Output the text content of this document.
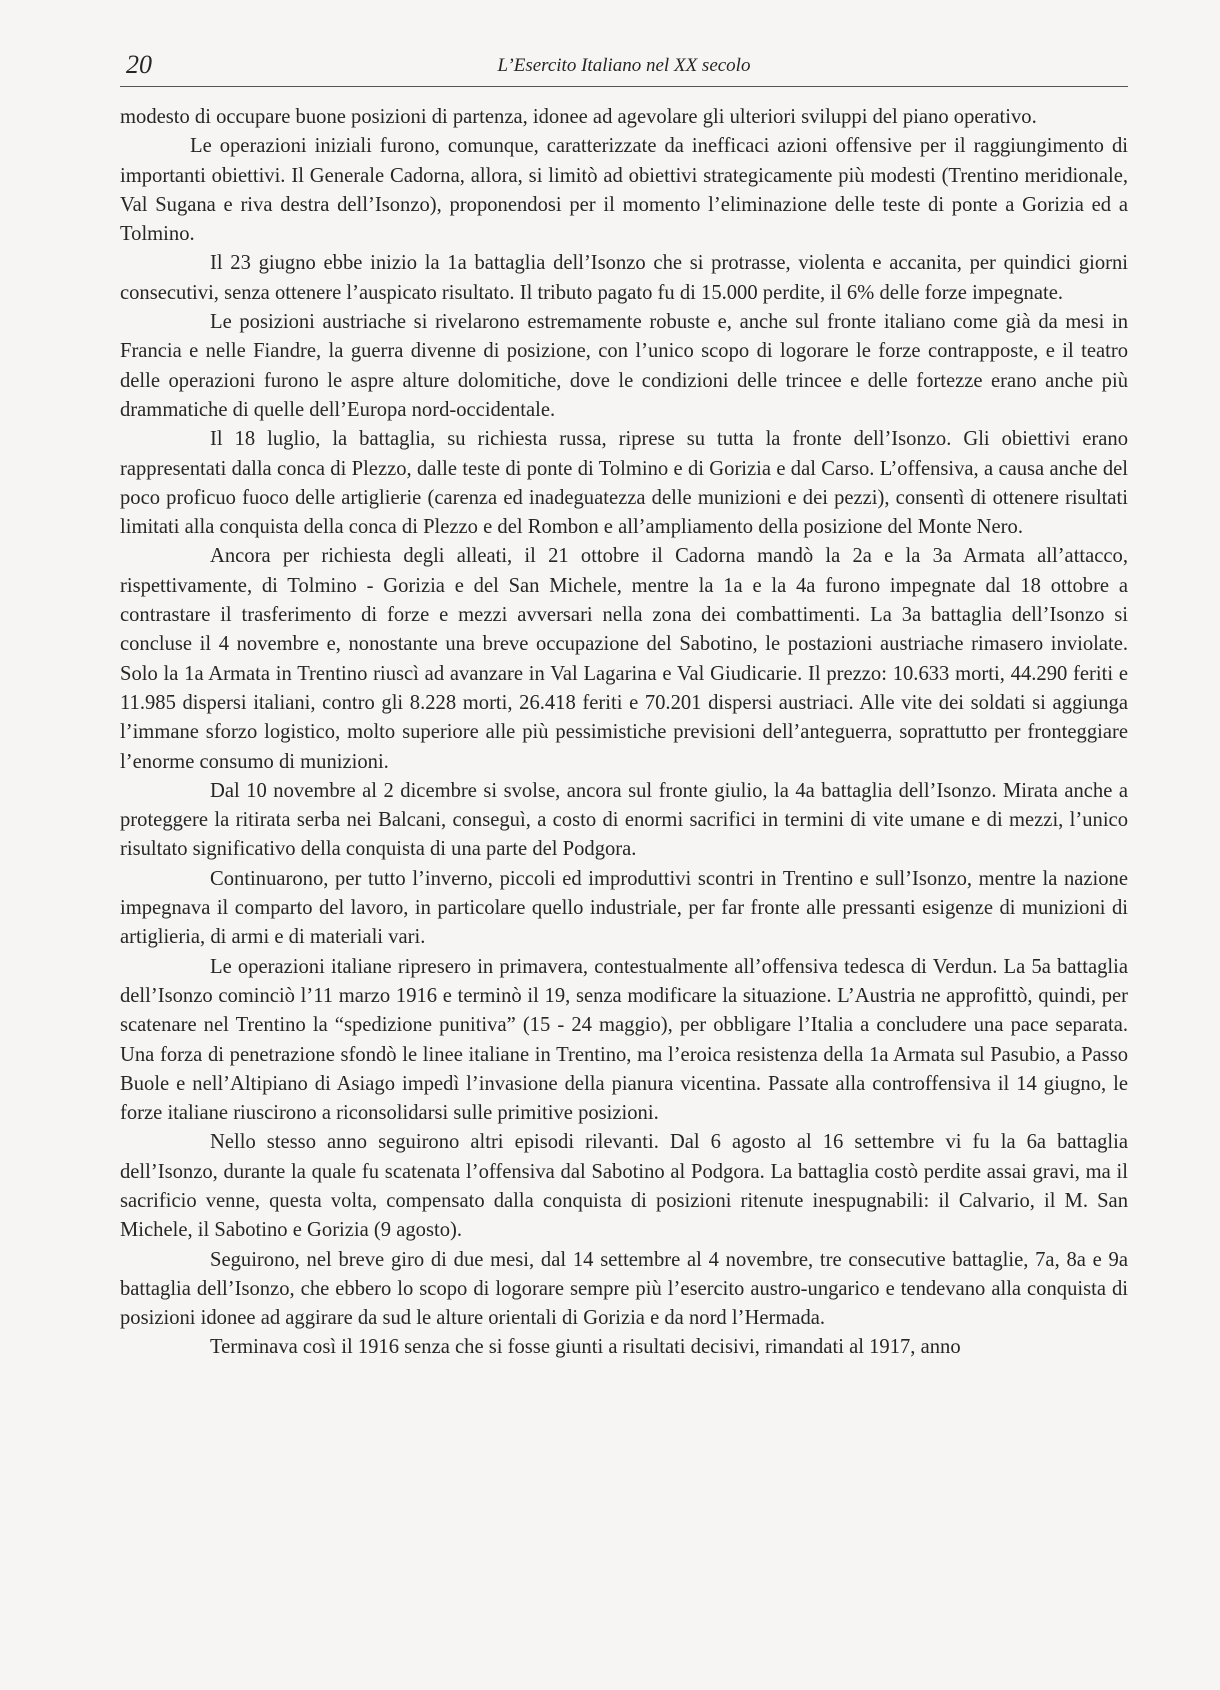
20	L’Esercito Italiano nel XX secolo

modesto di occupare buone posizioni di partenza, idonee ad agevolare gli ulteriori sviluppi del piano operativo.

Le operazioni iniziali furono, comunque, caratterizzate da inefficaci azioni offensive per il raggiungimento di importanti obiettivi. Il Generale Cadorna, allora, si limitò ad obiettivi strategicamente più modesti (Trentino meridionale, Val Sugana e riva destra dell’Isonzo), proponendosi per il momento l’eliminazione delle teste di ponte a Gorizia ed a Tolmino.

Il 23 giugno ebbe inizio la 1a battaglia dell’Isonzo che si protrasse, violenta e accanita, per quindici giorni consecutivi, senza ottenere l’auspicato risultato. Il tributo pagato fu di 15.000 perdite, il 6% delle forze impegnate.

Le posizioni austriache si rivelarono estremamente robuste e, anche sul fronte italiano come già da mesi in Francia e nelle Fiandre, la guerra divenne di posizione, con l’unico scopo di logorare le forze contrapposte, e il teatro delle operazioni furono le aspre alture dolomitiche, dove le condizioni delle trincee e delle fortezze erano anche più drammatiche di quelle dell’Europa nord-occidentale.

Il 18 luglio, la battaglia, su richiesta russa, riprese su tutta la fronte dell’Isonzo. Gli obiettivi erano rappresentati dalla conca di Plezzo, dalle teste di ponte di Tolmino e di Gorizia e dal Carso. L’offensiva, a causa anche del poco proficuo fuoco delle artiglierie (carenza ed inadeguatezza delle munizioni e dei pezzi), consentì di ottenere risultati limitati alla conquista della conca di Plezzo e del Rombon e all’ampliamento della posizione del Monte Nero.

Ancora per richiesta degli alleati, il 21 ottobre il Cadorna mandò la 2a e la 3a Armata all’attacco, rispettivamente, di Tolmino - Gorizia e del San Michele, mentre la 1a e la 4a furono impegnate dal 18 ottobre a contrastare il trasferimento di forze e mezzi avversari nella zona dei combattimenti. La 3a battaglia dell’Isonzo si concluse il 4 novembre e, nonostante una breve occupazione del Sabotino, le postazioni austriache rimasero inviolate. Solo la 1a Armata in Trentino riuscì ad avanzare in Val Lagarina e Val Giudicarie. Il prezzo: 10.633 morti, 44.290 feriti e 11.985 dispersi italiani, contro gli 8.228 morti, 26.418 feriti e 70.201 dispersi austriaci. Alle vite dei soldati si aggiunga l’immane sforzo logistico, molto superiore alle più pessimistiche previsioni dell’anteguerra, soprattutto per fronteggiare l’enorme consumo di munizioni.

Dal 10 novembre al 2 dicembre si svolse, ancora sul fronte giulio, la 4a battaglia dell’Isonzo. Mirata anche a proteggere la ritirata serba nei Balcani, conseguì, a costo di enormi sacrifici in termini di vite umane e di mezzi, l’unico risultato significativo della conquista di una parte del Podgora.

Continuarono, per tutto l’inverno, piccoli ed improduttivi scontri in Trentino e sull’Isonzo, mentre la nazione impegnava il comparto del lavoro, in particolare quello industriale, per far fronte alle pressanti esigenze di munizioni di artiglieria, di armi e di materiali vari.

Le operazioni italiane ripresero in primavera, contestualmente all’offensiva tedesca di Verdun. La 5a battaglia dell’Isonzo cominciò l’11 marzo 1916 e terminò il 19, senza modificare la situazione. L’Austria ne approfittò, quindi, per scatenare nel Trentino la “spedizione punitiva” (15 - 24 maggio), per obbligare l’Italia a concludere una pace separata. Una forza di penetrazione sfondò le linee italiane in Trentino, ma l’eroica resistenza della 1a Armata sul Pasubio, a Passo Buole e nell’Altipiano di Asiago impedì l’invasione della pianura vicentina. Passate alla controffensiva il 14 giugno, le forze italiane riuscirono a riconsolidarsi sulle primitive posizioni.

Nello stesso anno seguirono altri episodi rilevanti. Dal 6 agosto al 16 settembre vi fu la 6a battaglia dell’Isonzo, durante la quale fu scatenata l’offensiva dal Sabotino al Podgora. La battaglia costò perdite assai gravi, ma il sacrificio venne, questa volta, compensato dalla conquista di posizioni ritenute inespugnabili: il Calvario, il M. San Michele, il Sabotino e Gorizia (9 agosto).

Seguirono, nel breve giro di due mesi, dal 14 settembre al 4 novembre, tre consecutive battaglie, 7a, 8a e 9a battaglia dell’Isonzo, che ebbero lo scopo di logorare sempre più l’esercito austro-ungarico e tendevano alla conquista di posizioni idonee ad aggirare da sud le alture orientali di Gorizia e da nord l’Hermada.

Terminava così il 1916 senza che si fosse giunti a risultati decisivi, rimandati al 1917, anno
